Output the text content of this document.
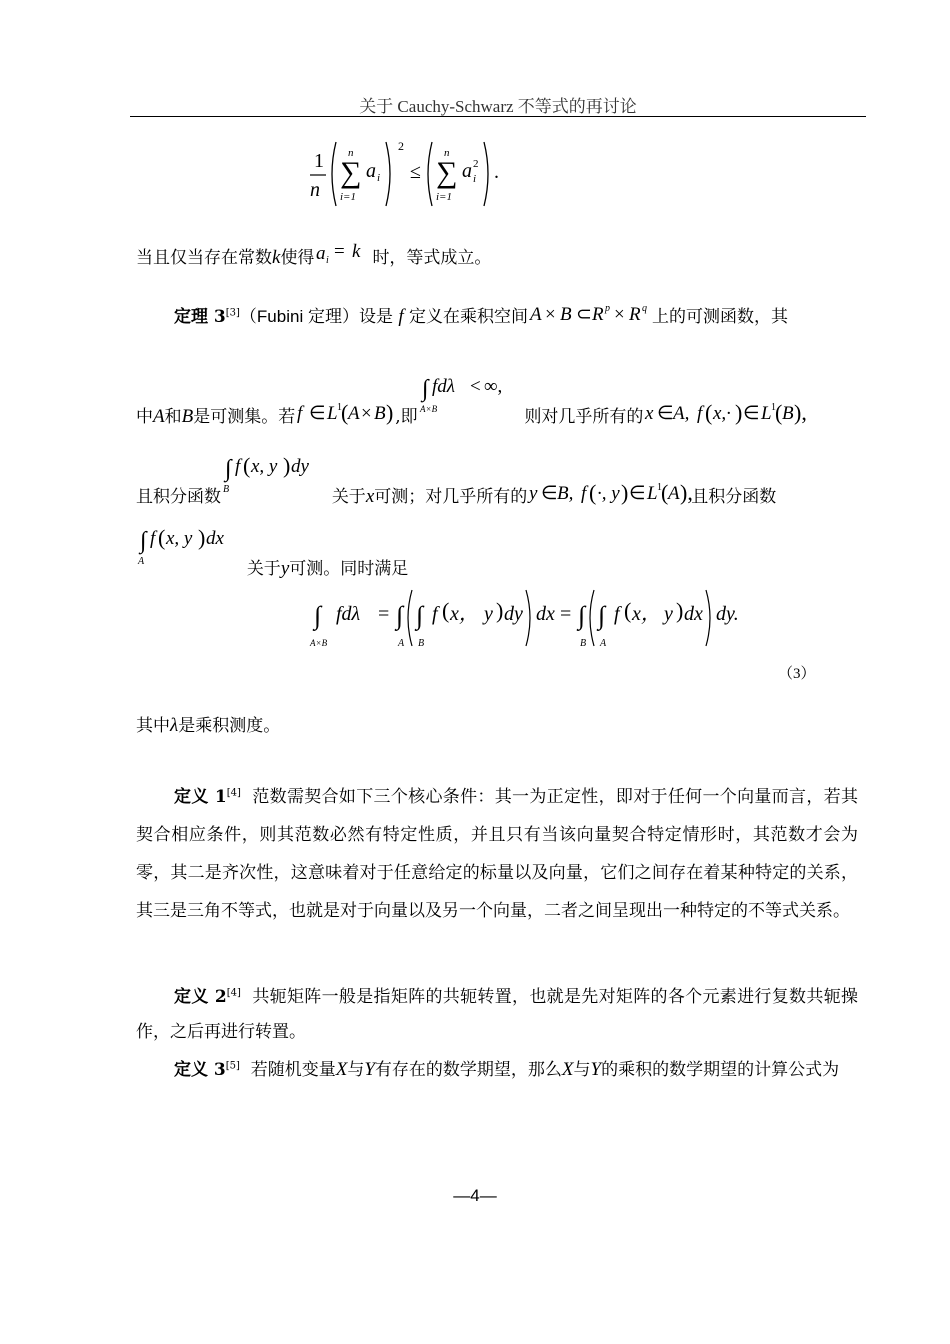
关于 Cauchy-Schwarz 不等式的再讨论
1
n
n
∑
i=1
a i
2
≤
n
∑
i=1
a i
2 .
当且仅当存在常数k使得 a i = k 时，等式成立。
定理 3[3]（Fubini 定理）设是 f 定义在乘积空间 A × B ⊂ R p × R q 上的可测函数，其
中A和B是可测集。若 f ∈ L 1 ( A × B ) ,即
∫ fdλ < ∞,
A×B	则对几乎所有的 x ∈ A, f ( x,· ) ∈ L 1 ( B ),
且积分函数
∫ f ( x, y ) dy
B	关于x可测；对几乎所有的 y ∈ B, f ( ·, y ) ∈ L 1 ( A ),
且积分函数
∫ f ( x, y ) dx
A	关于y可测。同时满足
∫
A×B
fdλ = ∫
A
∫
B
f ( x， y ) dy dx = ∫
B
∫
A
f ( x， y ) dx dy.
（3）
其中λ是乘积测度。
定义 1[4] 范数需契合如下三个核心条件：其一为正定性，即对于任何一个向量而言，若其契合相应条件，则其范数必然有特定性质，并且只有当该向量契合特定情形时，其范数才会为零，其二是齐次性，这意味着对于任意给定的标量以及向量，它们之间存在着某种特定的关系，其三是三角不等式，也就是对于向量以及另一个向量，二者之间呈现出一种特定的不等式关系。
定义 2[4] 共轭矩阵一般是指矩阵的共轭转置，也就是先对矩阵的各个元素进行复数共轭操作，之后再进行转置。
定义 3[5] 若随机变量X与Y有存在的数学期望，那么X与Y的乘积的数学期望的计算公式为
—4—
